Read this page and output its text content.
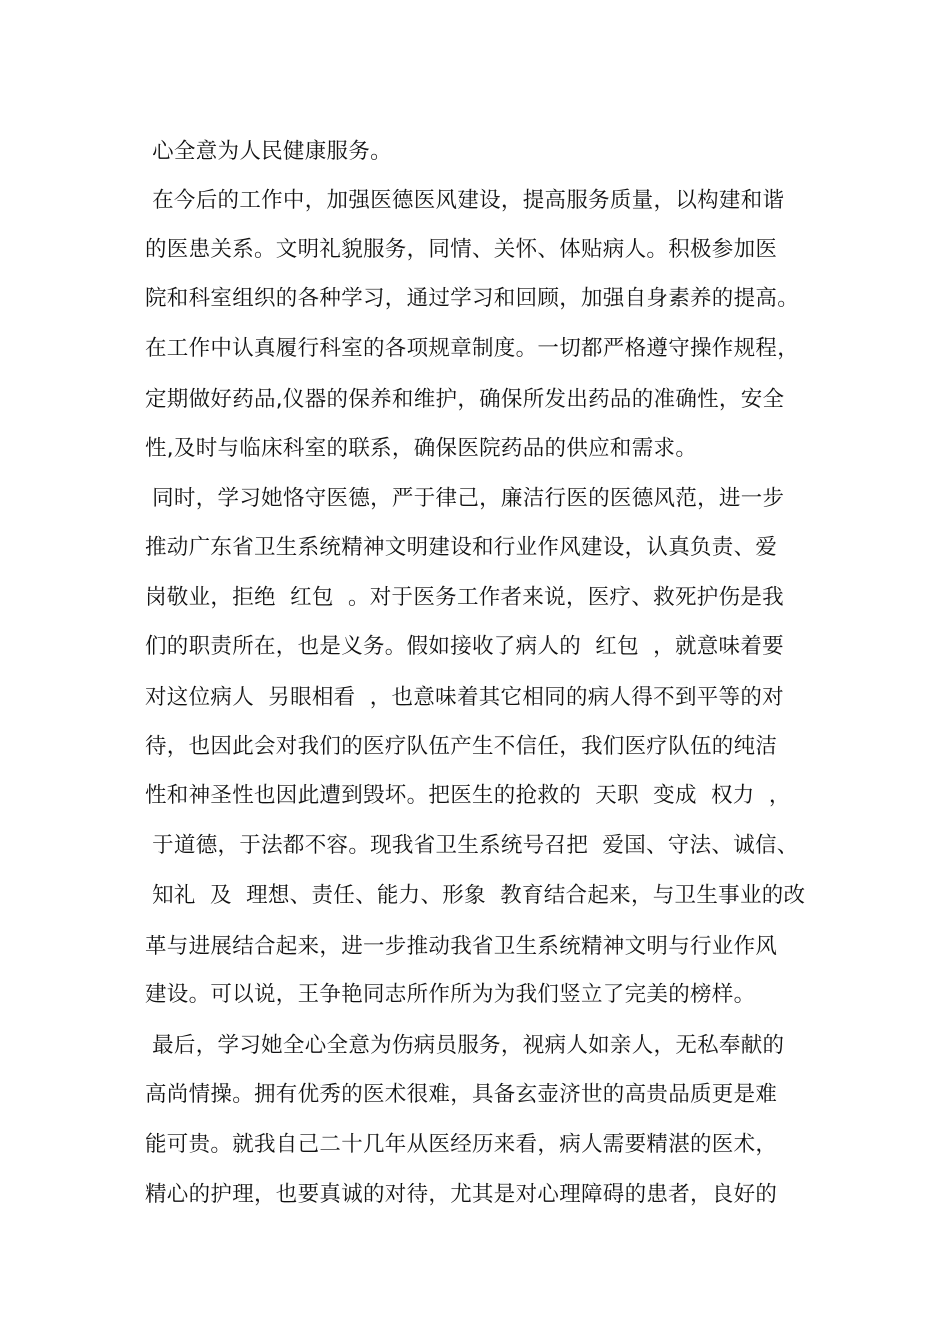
心全意为人民健康服务。
在今后的工作中，加强医德医风建设，提高服务质量，以构建和谐
的医患关系。文明礼貌服务，同情、关怀、体贴病人。积极参加医
院和科室组织的各种学习，通过学习和回顾，加强自身素养的提高。
在工作中认真履行科室的各项规章制度。一切都严格遵守操作规程，
定期做好药品,仪器的保养和维护，确保所发出药品的准确性，安全
性,及时与临床科室的联系，确保医院药品的供应和需求。
同时，学习她恪守医德，严于律己，廉洁行医的医德风范，进一步
推动广东省卫生系统精神文明建设和行业作风建设，认真负责、爱
岗敬业，拒绝  红包  。对于医务工作者来说，医疗、救死护伤是我
们的职责所在，也是义务。假如接收了病人的  红包  ，就意味着要
对这位病人  另眼相看  ，也意味着其它相同的病人得不到平等的对
待，也因此会对我们的医疗队伍产生不信任，我们医疗队伍的纯洁
性和神圣性也因此遭到毁坏。把医生的抢救的  天职  变成  权力  ，
于道德，于法都不容。现我省卫生系统号召把  爱国、守法、诚信、
知礼  及  理想、责任、能力、形象  教育结合起来，与卫生事业的改
革与进展结合起来，进一步推动我省卫生系统精神文明与行业作风
建设。可以说，王争艳同志所作所为为我们竖立了完美的榜样。
最后，学习她全心全意为伤病员服务，视病人如亲人，无私奉献的
高尚情操。拥有优秀的医术很难，具备玄壶济世的高贵品质更是难
能可贵。就我自己二十几年从医经历来看，病人需要精湛的医术，
精心的护理，也要真诚的对待，尤其是对心理障碍的患者，良好的
